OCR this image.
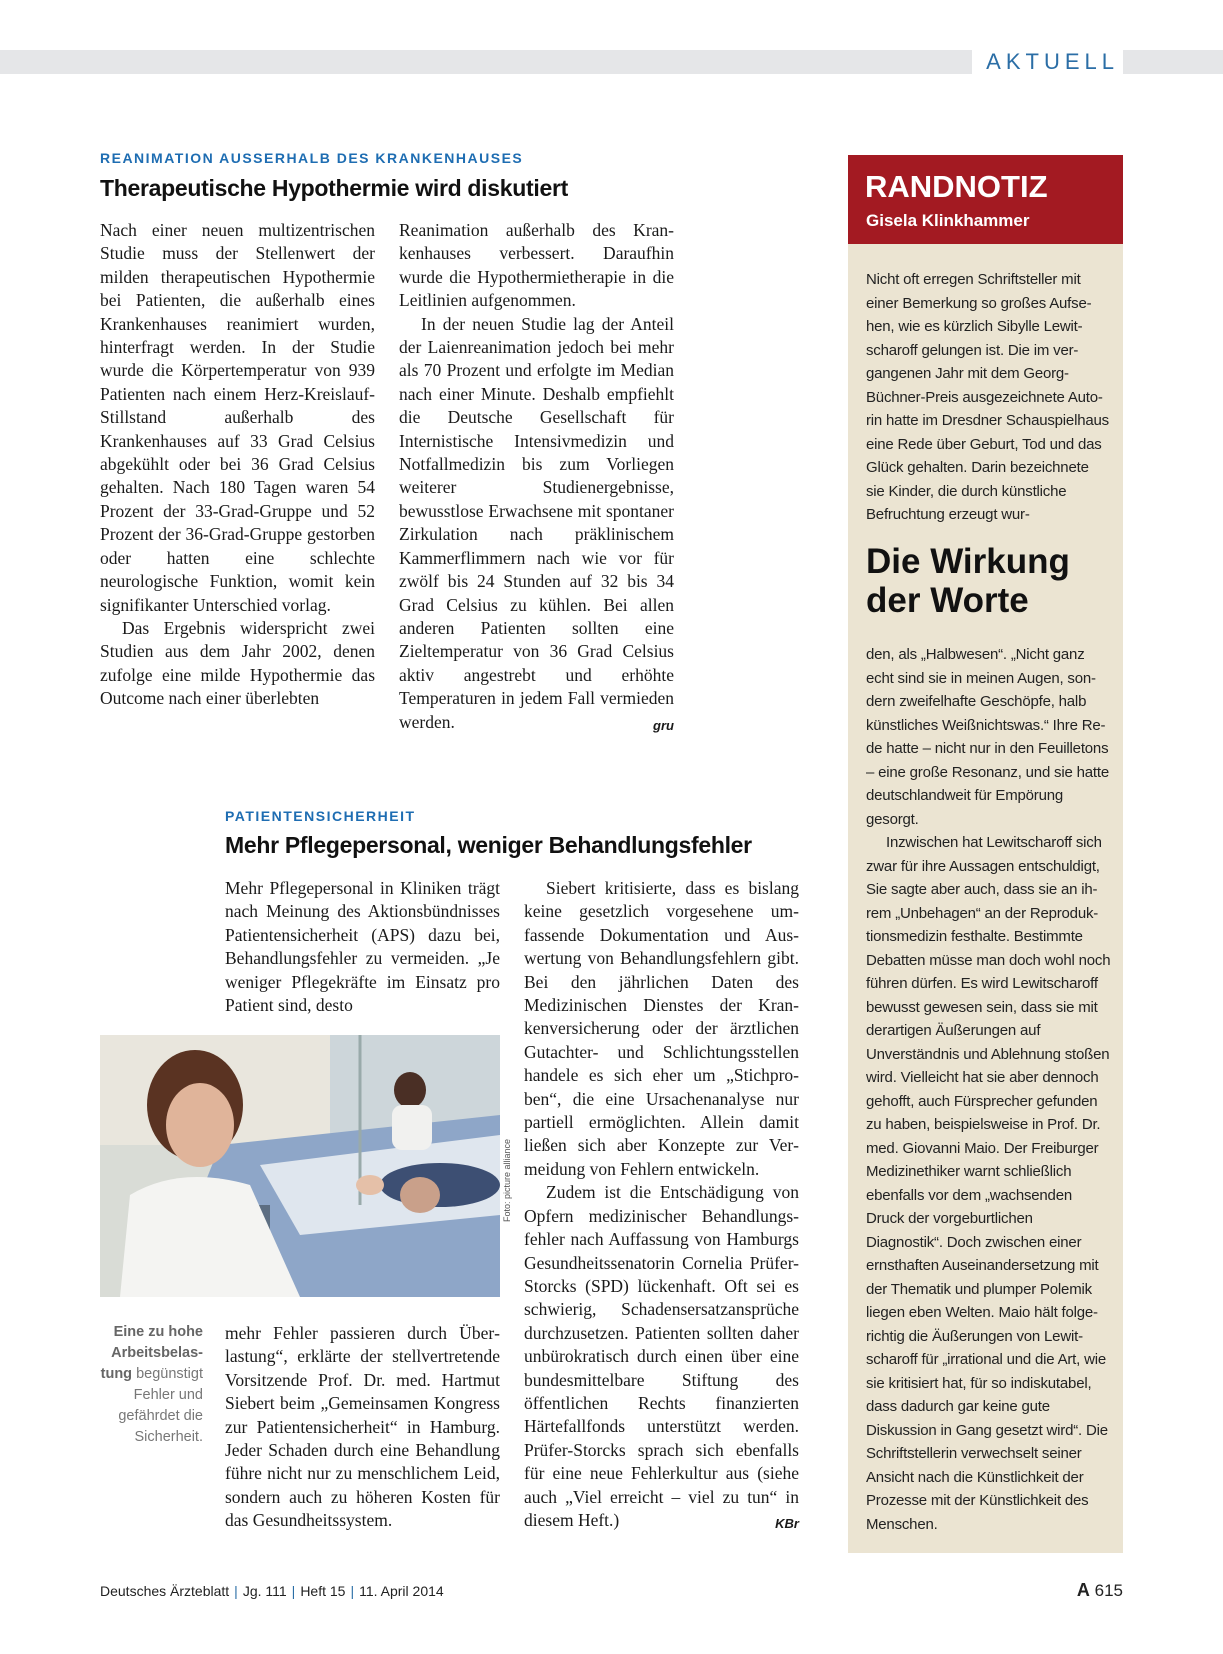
AKTUELL
REANIMATION AUSSERHALB DES KRANKENHAUSES
Therapeutische Hypothermie wird diskutiert

Nach einer neuen multizentrischen Studie muss der Stellenwert der milden therapeutischen Hypothermie bei Patienten, die außerhalb eines Krankenhauses reanimiert wurden, hinterfragt werden. In der Studie wurde die Körpertemperatur von 939 Patienten nach einem Herz-Kreislauf-Stillstand außerhalb des Krankenhauses auf 33 Grad Celsius abgekühlt oder bei 36 Grad Celsius gehalten. Nach 180 Tagen waren 54 Prozent der 33-Grad-Gruppe und 52 Prozent der 36-Grad-Gruppe gestorben oder hatten eine schlechte neurologische Funktion, womit kein signifikanter Unterschied vorlag.

Das Ergebnis widerspricht zwei Studien aus dem Jahr 2002, denen zufolge eine milde Hypothermie das Outcome nach einer überlebten

Reanimation außerhalb des Krankenhauses verbessert. Daraufhin wurde die Hypothermietherapie in die Leitlinien aufgenommen.

In der neuen Studie lag der Anteil der Laienreanimation jedoch bei mehr als 70 Prozent und erfolgte im Median nach einer Minute. Deshalb empfiehlt die Deutsche Gesellschaft für Internistische Intensivmedizin und Notfallmedizin bis zum Vorliegen weiterer Studienergebnisse, bewusstlose Erwachsene mit spontaner Zirkulation nach präklinischem Kammerflimmern nach wie vor für zwölf bis 24 Stunden auf 32 bis 34 Grad Celsius zu kühlen. Bei allen anderen Patienten sollten eine Zieltemperatur von 36 Grad Celsius aktiv angestrebt und erhöhte Temperaturen in jedem Fall vermieden werden.	gru

PATIENTENSICHERHEIT
Mehr Pflegepersonal, weniger Behandlungsfehler

Mehr Pflegepersonal in Kliniken trägt nach Meinung des Aktionsbündnisses Patientensicherheit (APS) dazu bei, Behandlungsfehler zu vermeiden. „Je weniger Pflegekräfte im Einsatz pro Patient sind, desto

Foto: picture alliance
Eine zu hohe Arbeitsbelastung begünstigt Fehler und gefährdet die Sicherheit.

mehr Fehler passieren durch Überlastung“, erklärte der stellvertretende Vorsitzende Prof. Dr. med. Hartmut Siebert beim „Gemeinsamen Kongress zur Patientensicherheit“ in Hamburg. Jeder Schaden durch eine Behandlung führe nicht nur zu menschlichem Leid, sondern auch zu höheren Kosten für das Gesundheitssystem.

Siebert kritisierte, dass es bislang keine gesetzlich vorgesehene umfassende Dokumentation und Auswertung von Behandlungsfehlern gibt. Bei den jährlichen Daten des Medizinischen Dienstes der Krankenversicherung oder der ärztlichen Gutachter- und Schlichtungsstellen handele es sich eher um „Stichproben“, die eine Ursachenanalyse nur partiell ermöglichten. Allein damit ließen sich aber Konzepte zur Vermeidung von Fehlern entwickeln.

Zudem ist die Entschädigung von Opfern medizinischer Behandlungsfehler nach Auffassung von Hamburgs Gesundheitssenatorin Cornelia Prüfer-Storcks (SPD) lückenhaft. Oft sei es schwierig, Schadensersatzansprüche durchzusetzen. Patienten sollten daher unbürokratisch durch einen über eine bundesmittelbare Stiftung des öffentlichen Rechts finanzierten Härtefallfonds unterstützt werden. Prüfer-Storcks sprach sich ebenfalls für eine neue Fehlerkultur aus (siehe auch „Viel erreicht – viel zu tun“ in diesem Heft.)	KBr

RANDNOTIZ
Gisela Klinkhammer

Nicht oft erregen Schriftsteller mit einer Bemerkung so großes Aufsehen, wie es kürzlich Sibylle Lewitscharoff gelungen ist. Die im vergangenen Jahr mit dem Georg-Büchner-Preis ausgezeichnete Autorin hatte im Dresdner Schauspielhaus eine Rede über Geburt, Tod und das Glück gehalten. Darin bezeichnete sie Kinder, die durch künstliche Befruchtung erzeugt wur-

Die Wirkung
der Worte

den, als „Halbwesen“. „Nicht ganz echt sind sie in meinen Augen, sondern zweifelhafte Geschöpfe, halb künstliches Weißnichtswas.“ Ihre Rede hatte – nicht nur in den Feuilletons – eine große Resonanz, und sie hatte deutschlandweit für Empörung gesorgt.

Inzwischen hat Lewitscharoff sich zwar für ihre Aussagen entschuldigt, Sie sagte aber auch, dass sie an ihrem „Unbehagen“ an der Reproduktionsmedizin festhalte. Bestimmte Debatten müsse man doch wohl noch führen dürfen. Es wird Lewitscharoff bewusst gewesen sein, dass sie mit derartigen Äußerungen auf Unverständnis und Ablehnung stoßen wird. Vielleicht hat sie aber dennoch gehofft, auch Fürsprecher gefunden zu haben, beispielsweise in Prof. Dr. med. Giovanni Maio. Der Freiburger Medizinethiker warnt schließlich ebenfalls vor dem „wachsenden Druck der vorgeburtlichen Diagnostik“. Doch zwischen einer ernsthaften Auseinandersetzung mit der Thematik und plumper Polemik liegen eben Welten. Maio hält folgerichtig die Äußerungen von Lewitscharoff für „irrational und die Art, wie sie kritisiert hat, für so indiskutabel, dass dadurch gar keine gute Diskussion in Gang gesetzt wird“. Die Schriftstellerin verwechselt seiner Ansicht nach die Künstlichkeit der Prozesse mit der Künstlichkeit des Menschen.

Deutsches Ärzteblatt | Jg. 111 | Heft 15 | 11. April 2014	A 615
